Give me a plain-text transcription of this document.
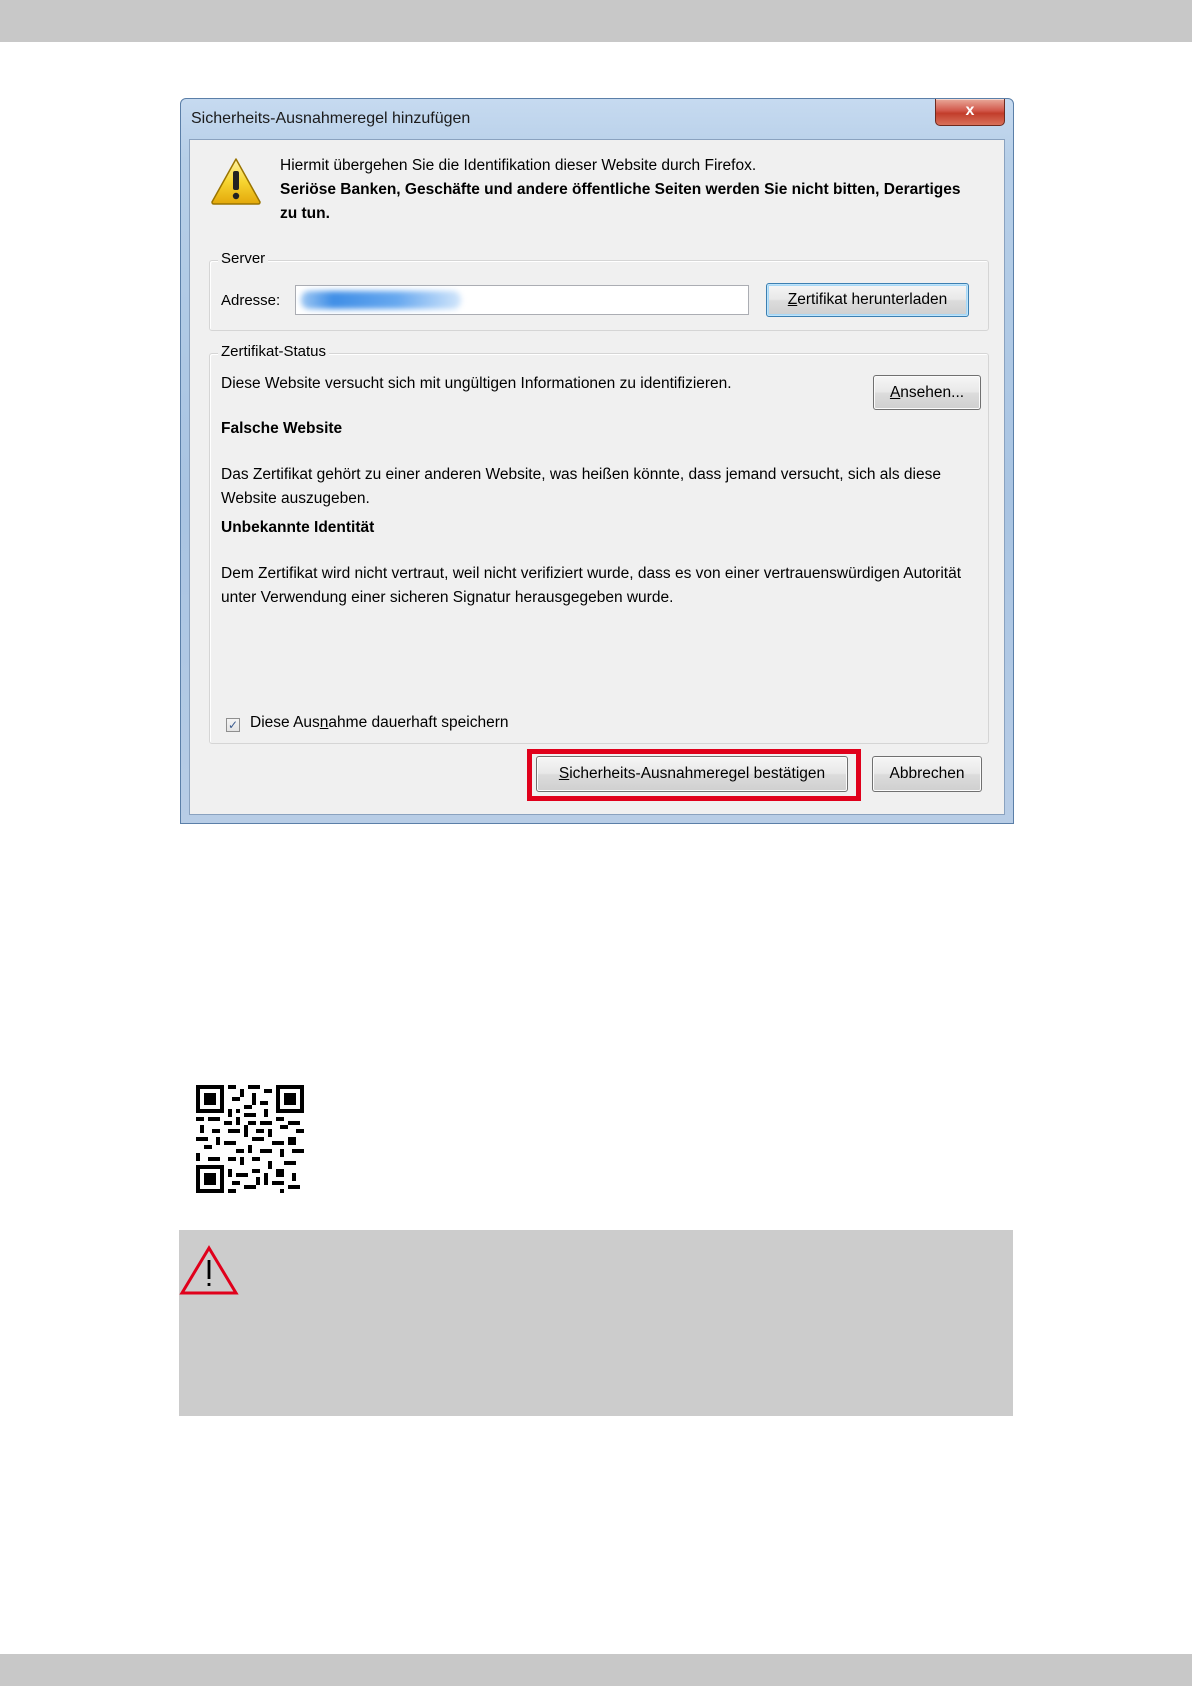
Sicherheits-Ausnahmeregel hinzufügen	x
Hiermit übergehen Sie die Identifikation dieser Website durch Firefox.
Seriöse Banken, Geschäfte und andere öffentliche Seiten werden Sie nicht bitten, Derartiges zu tun.
Server
Adresse:	Zertifikat herunterladen
Zertifikat-Status
Diese Website versucht sich mit ungültigen Informationen zu identifizieren.
Ansehen...
Falsche Website
Das Zertifikat gehört zu einer anderen Website, was heißen könnte, dass jemand versucht, sich als diese Website auszugeben.
Unbekannte Identität
Dem Zertifikat wird nicht vertraut, weil nicht verifiziert wurde, dass es von einer vertrauenswürdigen Autorität unter Verwendung einer sicheren Signatur herausgegeben wurde.
✓ Diese Ausnahme dauerhaft speichern
Sicherheits-Ausnahmeregel bestätigen	Abbrechen
